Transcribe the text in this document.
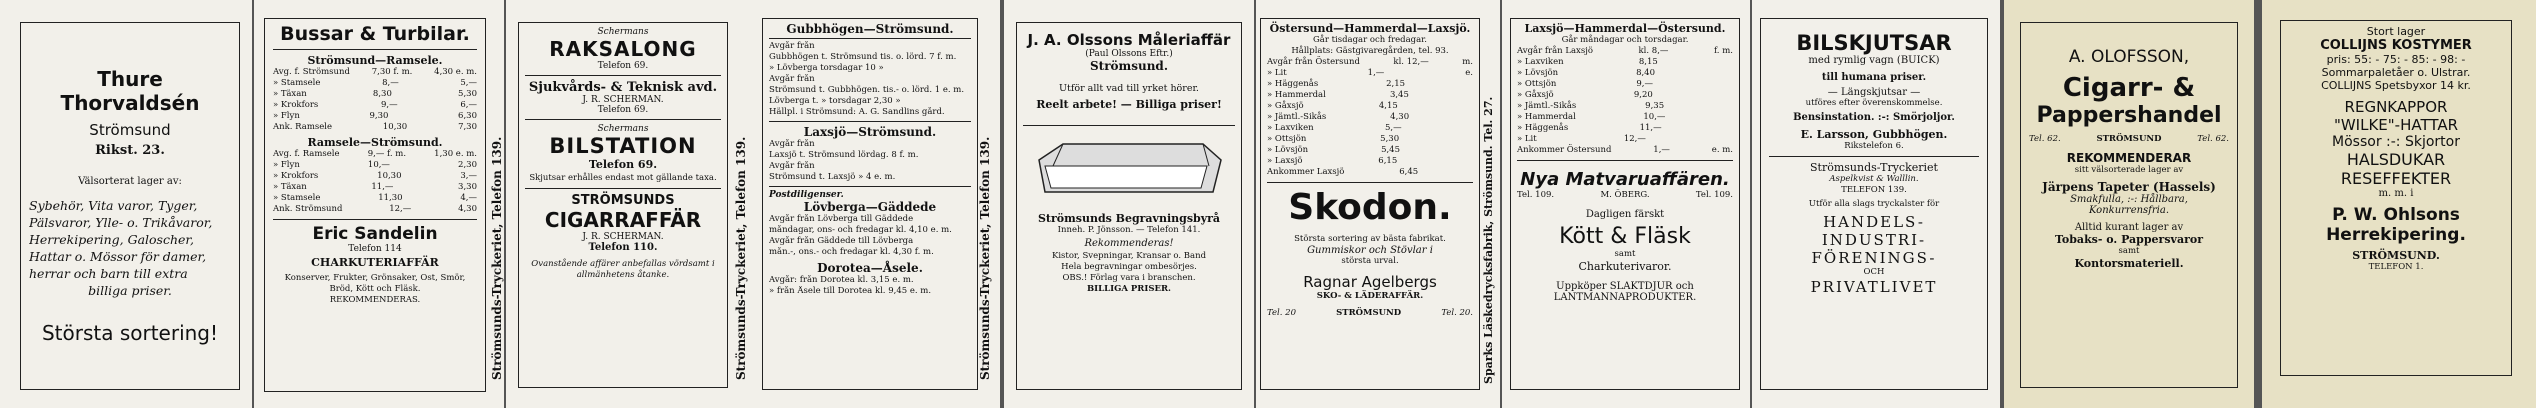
Thure Thorvaldsén
Strömsund
Rikst. 23.
Välsorterat lager av:
Sybehör, Vita varor, Tyger,
Pälsvaror, Ylle- o. Trikåvaror,
Herrekipering, Galoscher,
Hattar o. Mössor för damer,
herrar och barn till extra
billiga priser.
Största sortering!
Bussar & Turbilar.
Strömsund—Ramsele.
Avg. f. Strömsund	7,30 f. m.	4,30 e. m.
» Stamsele	8,—	5,—
» Täxan	8,30	5,30
» Krokfors	9,—	6,—
» Flyn	9,30	6,30
Ank. Ramsele	10,30	7,30
Ramsele—Strömsund.
Avg. f. Ramsele	9,— f. m.	1,30 e. m.
» Flyn	10,—	2,30
» Krokfors	10,30	3,—
» Täxan	11,—	3,30
» Stamsele	11,30	4,—
Ank. Strömsund	12,—	4,30
Eric Sandelin
Telefon 114
CHARKUTERIAFFÄR
Konserver, Frukter, Grönsaker, Ost, Smör, Bröd, Kött och Fläsk.
REKOMMENDERAS.	Strömsunds-Tryckeriet, Telefon 139.
Schermans
RAKSALONG
Telefon 69.
Sjukvårds- & Teknisk avd.
J. R. SCHERMAN.
Telefon 69.
Schermans
BILSTATION
Telefon 69.
Skjutsar erhålles endast mot gällande taxa.
STRÖMSUNDS
CIGARRAFFÄR
J. R. SCHERMAN.
Telefon 110.
Ovanstående affärer anbefallas vördsamt i allmänhetens åtanke.	Strömsunds-Tryckeriet, Telefon 139.
Gubbhögen—Strömsund.
Avgår från
Gubbhögen t. Strömsund tis. o. lörd. 7 f. m.
» Lövberga torsdagar 10 »
Avgår från
Strömsund t. Gubbhögen. tis.- o. lörd. 1 e. m.
Lövberga t. » torsdagar 2,30 »
Hällpl. i Strömsund: A. G. Sandlins gård.
Laxsjö—Strömsund.
Avgår från
Laxsjö t. Strömsund lördag. 8 f. m.
Avgår från
Strömsund t. Laxsjö » 4 e. m.
Postdiligenser.
Lövberga—Gäddede
Avgår från Lövberga till Gäddede
måndagar, ons- och fredagar kl. 4,10 e. m.
Avgår från Gäddede till Lövberga
mån.-, ons.- och fredagar kl. 4,30 f. m.
Dorotea—Åsele.
Avgår: från Dorotea kl. 3,15 e. m.
» från Åsele till Dorotea kl. 9,45 e. m.	Strömsunds-Tryckeriet, Telefon 139.
J. A. Olssons Måleriaffär
(Paul Olssons Eftr.)
Strömsund.
Utför allt vad till yrket hörer.
Reelt arbete! — Billiga priser!
Strömsunds Begravningsbyrå
Inneh. P. Jönsson. — Telefon 141.
Rekommenderas!
Kistor, Svepningar, Kransar o. Band
Hela begravningar ombesörjes.
OBS.! Förlag vara i branschen.
BILLIGA PRISER.
Östersund—Hammerdal—Laxsjö.
Går tisdagar och fredagar.
Hållplats: Gästgivaregården, tel. 93.
Avgår från Östersund	kl. 12,—	m.
» Lit	1,—	e.
» Häggenås	2,15
» Hammerdal	3,45
» Gåxsjö	4,15
» Jämtl.-Sikås	4,30
» Laxviken	5,—
» Ottsjön	5,30
» Lövsjön	5,45
» Laxsjö	6,15
Ankommer Laxsjö	6,45
Skodon.
Största sortering av bästa fabrikat.
Gummiskor och Stövlar i
största urval.
Ragnar Agelbergs
SKO- & LÄDERAFFÄR.
Tel. 20	STRÖMSUND	Tel. 20. Sparks Läskedrycksfabrik, Strömsund. Tel. 27.
Laxsjö—Hammerdal—Östersund.
Går måndagar och torsdagar.
Avgår från Laxsjö	kl. 8,—	f. m.
» Laxviken	8,15
» Lövsjön	8,40
» Ottsjön	9,—
» Gåxsjö	9,20
» Jämtl.-Sikås	9,35
» Hammerdal	10,—
» Häggenås	11,—
» Lit	12,—
Ankommer Östersund	1,—	e. m.
Nya Matvaruaffären.
Tel. 109.	M. ÖBERG.	Tel. 109.
Dagligen färskt
Kött & Fläsk
samt
Charkuterivaror.
Uppköper SLAKTDJUR och
LANTMANNAPRODUKTER.
BILSKJUTSAR
med rymlig vagn (BUICK)
till humana priser.
— Längskjutsar —
utföres efter överenskommelse.
Bensinstation. :-: Smörjoljor.
E. Larsson, Gubbhögen.
Rikstelefon 6.
Strömsunds-Tryckeriet
Aspelkvist & Walllin.
TELEFON 139.
Utför alla slags tryckalster för
HANDELS-
INDUSTRI-
FÖRENINGS-
OCH
PRIVATLIVET
A. OLOFSSON,
Cigarr- &
Pappershandel
Tel. 62.	STRÖMSUND	Tel. 62.
REKOMMENDERAR
sitt välsorterade lager av
Järpens Tapeter (Hassels)
Smakfulla, :-: Hållbara,
Konkurrensfria.
Alltid kurant lager av
Tobaks- o. Pappersvaror
samt
Kontorsmateriell.
Stort lager
COLLIJNS KOSTYMER
pris: 55: - 75: - 85: - 98: -
Sommarpaletåer o. Ulstrar.
COLLIJNS Spetsbyxor 14 kr.
REGNKAPPOR
"WILKE"-HATTAR
Mössor :-: Skjortor
HALSDUKAR
RESEFFEKTER
m. m. i
P. W. Ohlsons
Herrekipering.
STRÖMSUND.
TELEFON 1.
